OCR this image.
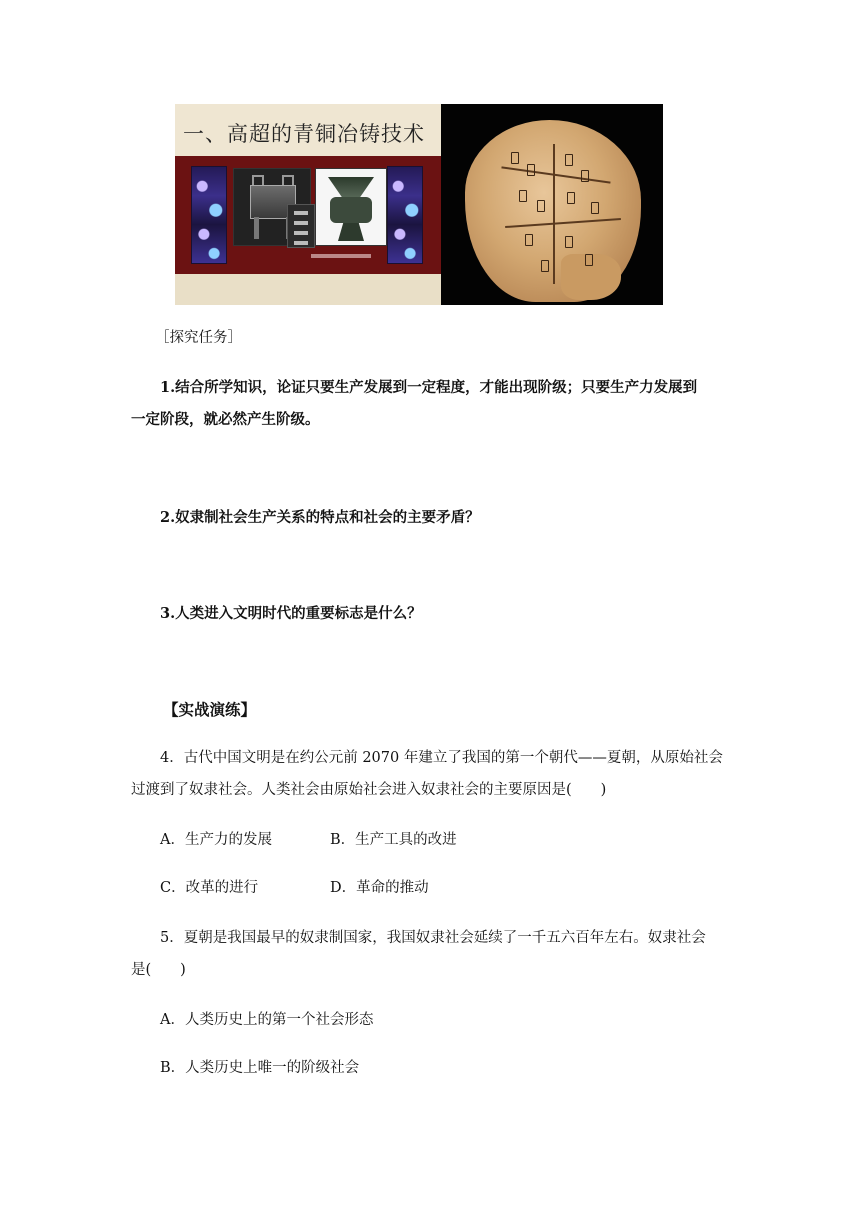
一、高超的青铜冶铸技术
［探究任务］
1.结合所学知识，论证只要生产发展到一定程度，才能出现阶级；只要生产力发展到
一定阶段，就必然产生阶级。
2.奴隶制社会生产关系的特点和社会的主要矛盾？
3.人类进入文明时代的重要标志是什么？
【实战演练】
4．古代中国文明是在约公元前 2070 年建立了我国的第一个朝代——夏朝，从原始社会
过渡到了奴隶社会。人类社会由原始社会进入奴隶社会的主要原因是(　　)
A．生产力的发展	B．生产工具的改进
C．改革的进行	D．革命的推动
5．夏朝是我国最早的奴隶制国家，我国奴隶社会延续了一千五六百年左右。奴隶社会
是(　　)
A．人类历史上的第一个社会形态
B．人类历史上唯一的阶级社会
